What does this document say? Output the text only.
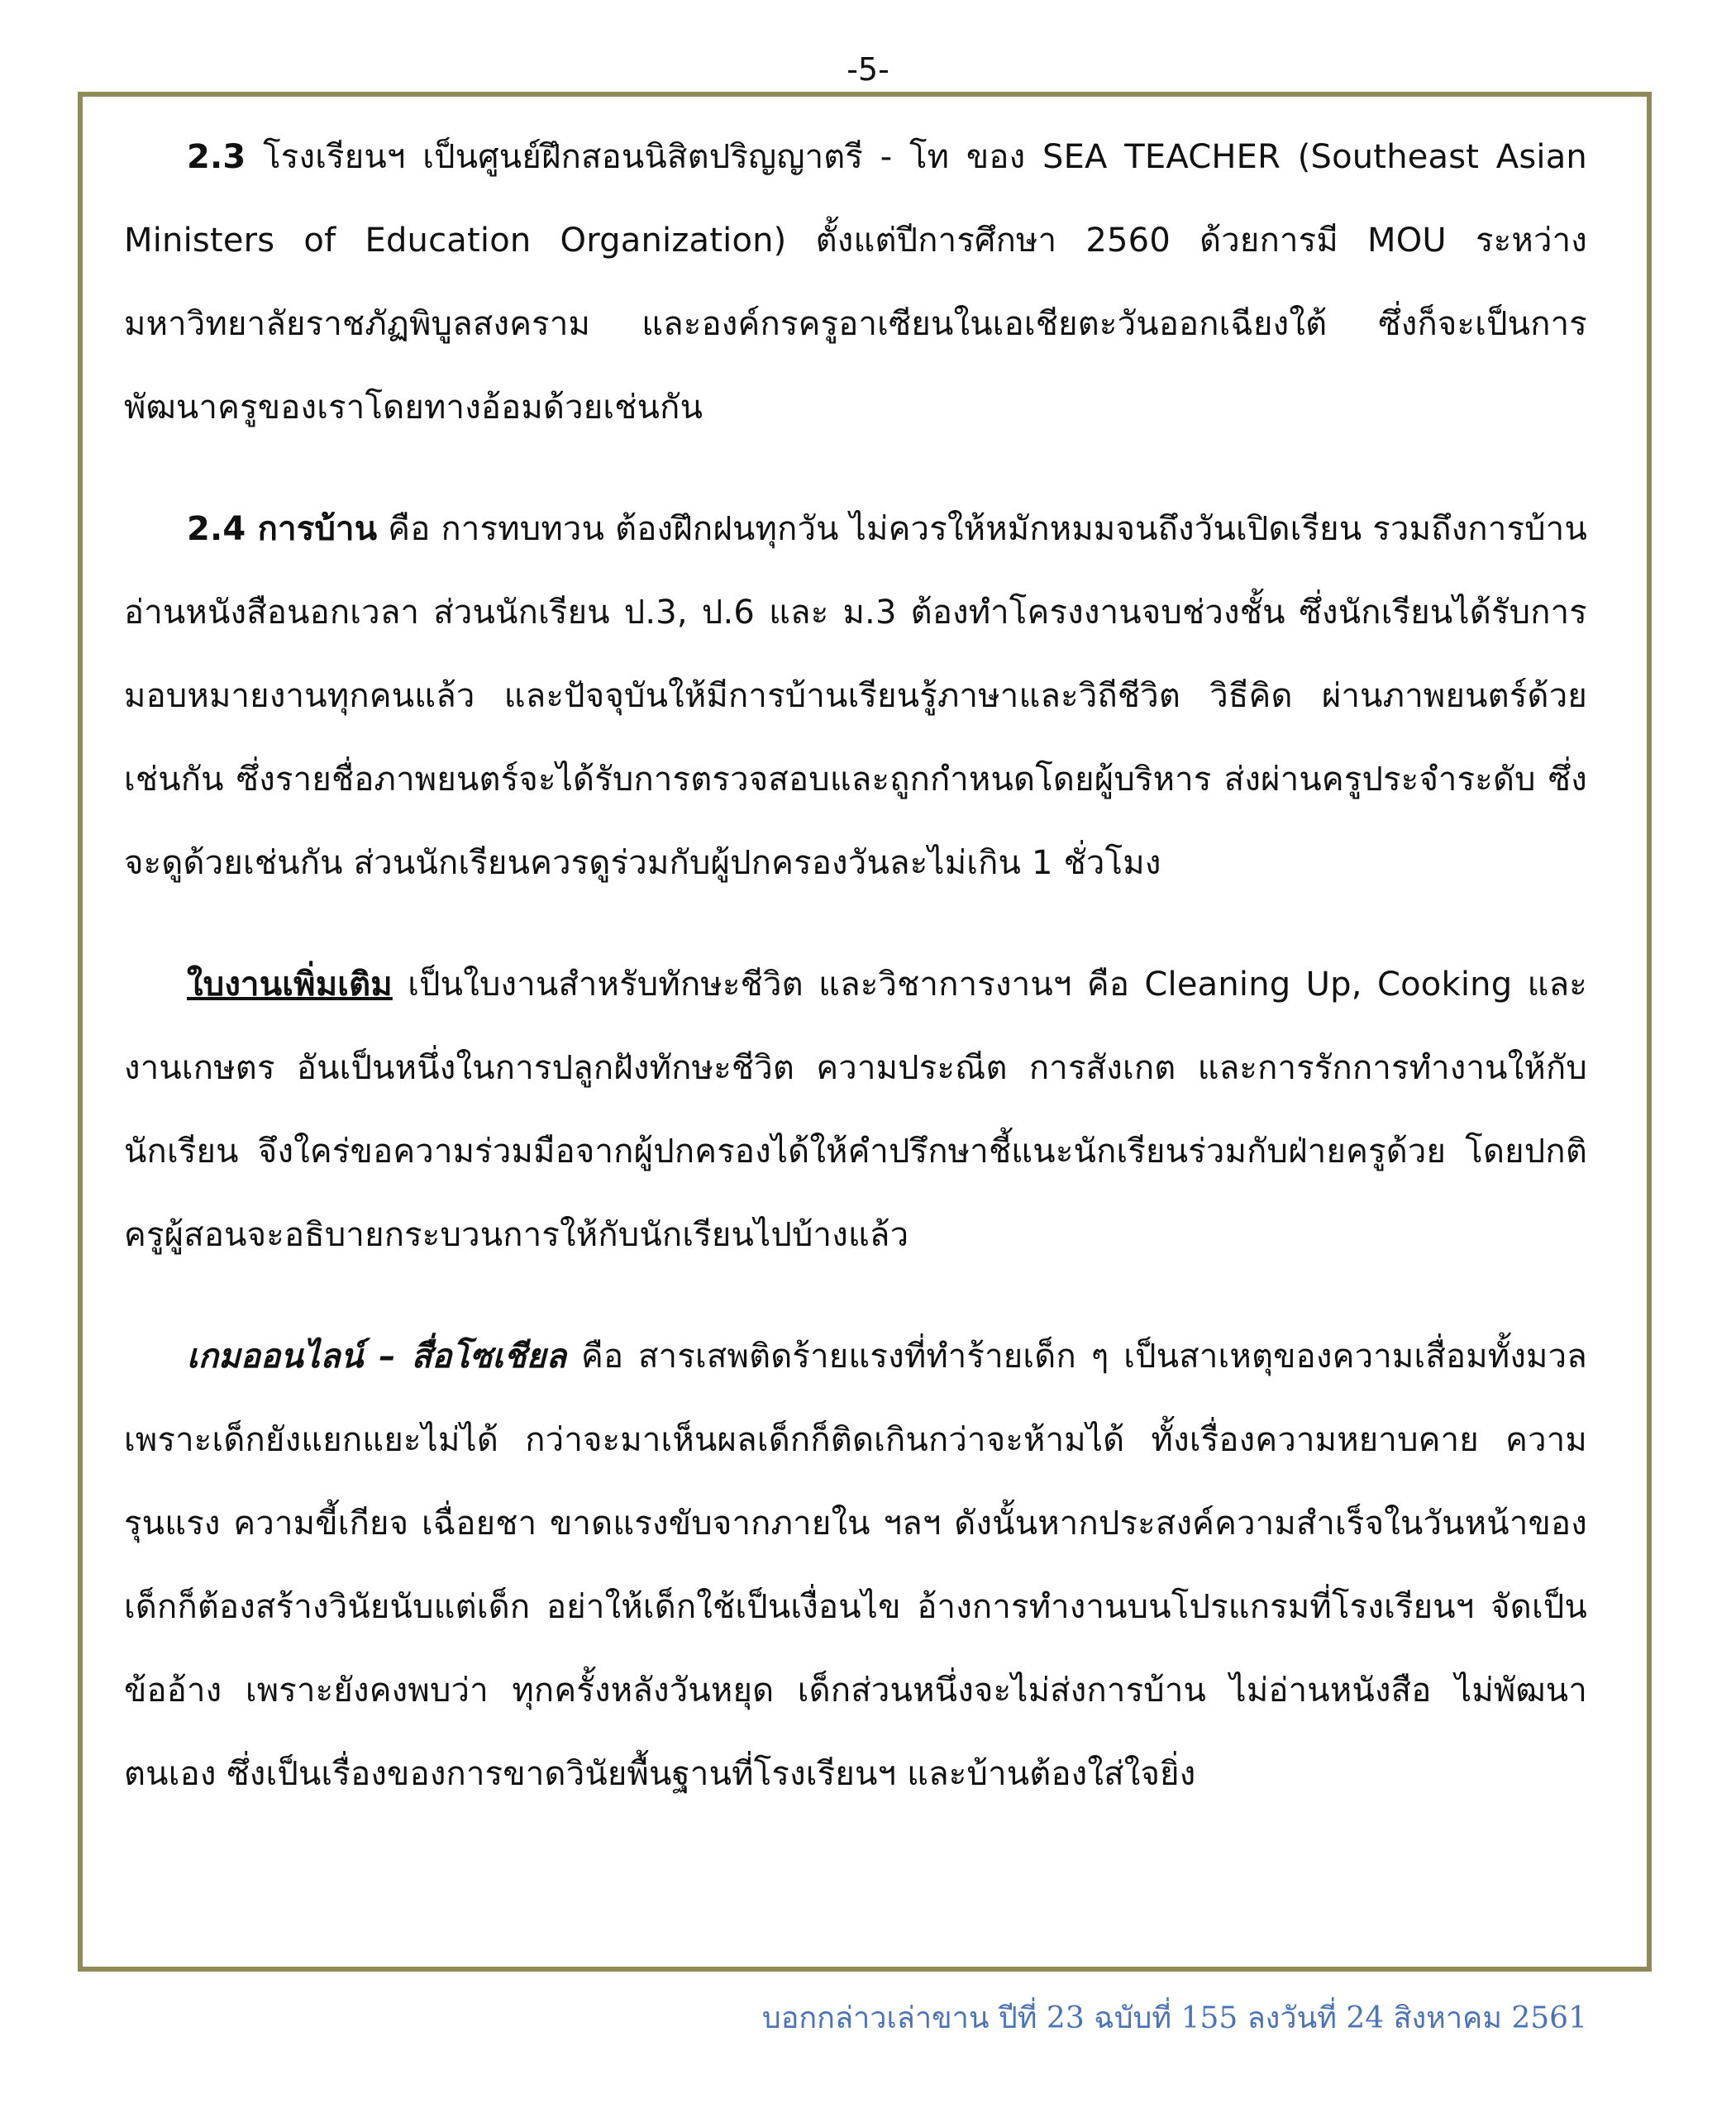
-5-

2.3 โรงเรียนฯ เป็นศูนย์ฝึกสอนนิสิตปริญญาตรี - โท ของ SEA TEACHER (Southeast Asian Ministers of Education Organization) ตั้งแต่ปีการศึกษา 2560 ด้วยการมี MOU ระหว่าง มหาวิทยาลัยราชภัฏพิบูลสงคราม และองค์กรครูอาเซียนในเอเชียตะวันออกเฉียงใต้ ซึ่งก็จะเป็นการพัฒนาครูของเราโดยทางอ้อมด้วยเช่นกัน

2.4 การบ้าน คือ การทบทวน ต้องฝึกฝนทุกวัน ไม่ควรให้หมักหมมจนถึงวันเปิดเรียน รวมถึงการบ้านอ่านหนังสือนอกเวลา ส่วนนักเรียน ป.3, ป.6 และ ม.3 ต้องทำโครงงานจบช่วงชั้น ซึ่งนักเรียนได้รับการมอบหมายงานทุกคนแล้ว และปัจจุบันให้มีการบ้านเรียนรู้ภาษาและวิถีชีวิต วิธีคิด ผ่านภาพยนตร์ด้วยเช่นกัน ซึ่งรายชื่อภาพยนตร์จะได้รับการตรวจสอบและถูกกำหนดโดยผู้บริหาร ส่งผ่านครูประจำระดับ ซึ่งจะดูด้วยเช่นกัน ส่วนนักเรียนควรดูร่วมกับผู้ปกครองวันละไม่เกิน 1 ชั่วโมง

ใบงานเพิ่มเติม เป็นใบงานสำหรับทักษะชีวิต และวิชาการงานฯ คือ Cleaning Up, Cooking และงานเกษตร อันเป็นหนึ่งในการปลูกฝังทักษะชีวิต ความประณีต การสังเกต และการรักการทำงานให้กับนักเรียน จึงใคร่ขอความร่วมมือจากผู้ปกครองได้ให้คำปรึกษาชี้แนะนักเรียนร่วมกับฝ่ายครูด้วย โดยปกติครูผู้สอนจะอธิบายกระบวนการให้กับนักเรียนไปบ้างแล้ว

เกมออนไลน์ – สื่อโซเชียล คือ สารเสพติดร้ายแรงที่ทำร้ายเด็ก ๆ เป็นสาเหตุของความเสื่อมทั้งมวล เพราะเด็กยังแยกแยะไม่ได้ กว่าจะมาเห็นผลเด็กก็ติดเกินกว่าจะห้ามได้ ทั้งเรื่องความหยาบคาย ความรุนแรง ความขี้เกียจ เฉื่อยชา ขาดแรงขับจากภายใน ฯลฯ ดังนั้นหากประสงค์ความสำเร็จในวันหน้าของเด็กก็ต้องสร้างวินัยนับแต่เด็ก อย่าให้เด็กใช้เป็นเงื่อนไข อ้างการทำงานบนโปรแกรมที่โรงเรียนฯ จัดเป็นข้ออ้าง เพราะยังคงพบว่า ทุกครั้งหลังวันหยุด เด็กส่วนหนึ่งจะไม่ส่งการบ้าน ไม่อ่านหนังสือ ไม่พัฒนาตนเอง ซึ่งเป็นเรื่องของการขาดวินัยพื้นฐานที่โรงเรียนฯ และบ้านต้องใส่ใจยิ่ง

บอกกล่าวเล่าขาน ปีที่ 23 ฉบับที่ 155 ลงวันที่ 24 สิงหาคม 2561
